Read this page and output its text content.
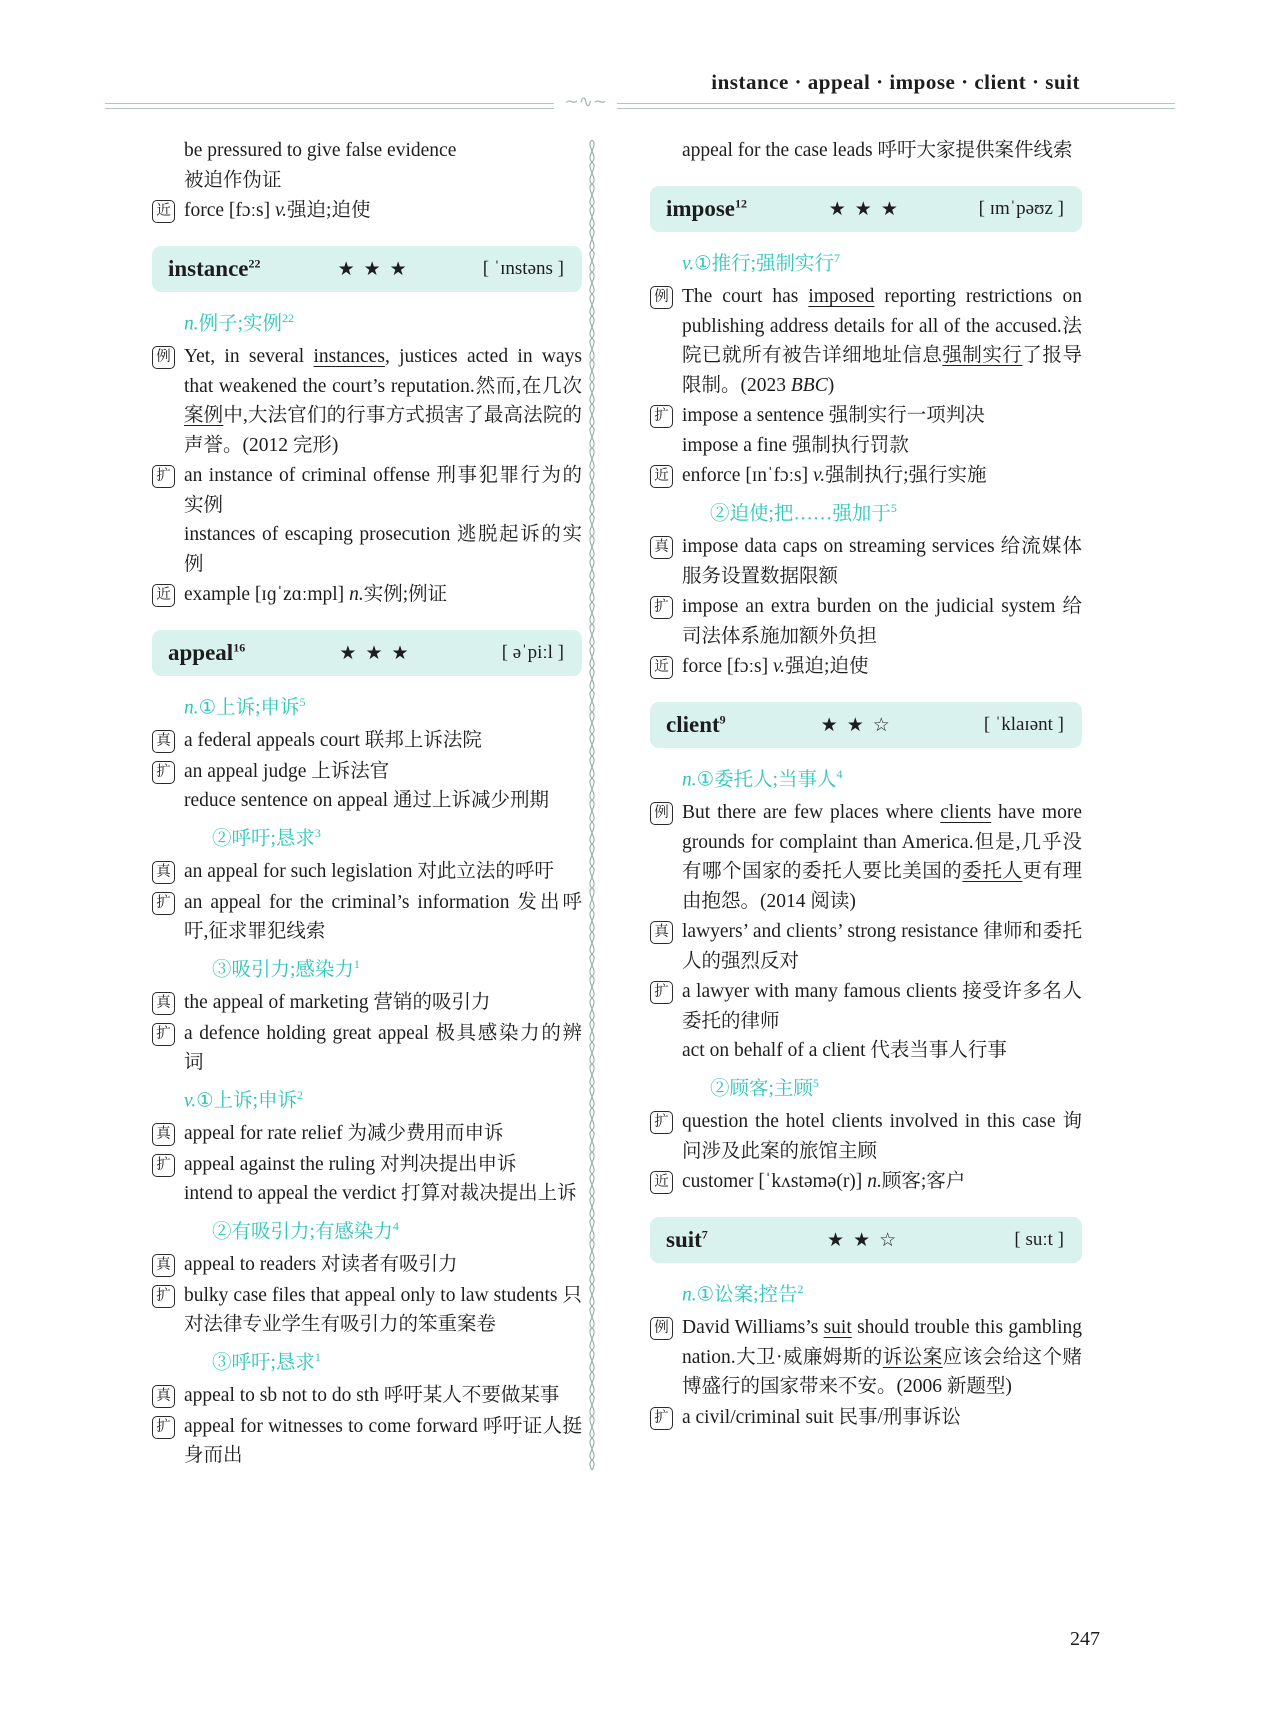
instance · appeal · impose · client · suit
∼∿∼

be pressured to give false evidence

被迫作伪证

近 force [fɔːs] v.强迫;迫使

instance$^{22}$	★★★	[ ˈɪnstəns ]
n.例子;实例$^{22}$
例 Yet, in several instances, justices acted in ways that weakened the court’s reputation.然而,在几次案例中,大法官们的行事方式损害了最高法院的声誉。(2012 完形)

扩 an instance of criminal offense 刑事犯罪行为的实例

instances of escaping prosecution 逃脱起诉的实例

近 example [ɪɡˈzɑːmpl] n.实例;例证

appeal$^{16}$	★★★	[ əˈpiːl ]
n.①上诉;申诉$^5$
真 a federal appeals court 联邦上诉法院

扩 an appeal judge 上诉法官

reduce sentence on appeal 通过上诉减少刑期

②呼吁;恳求$^3$
真 an appeal for such legislation 对此立法的呼吁

扩 an appeal for the criminal’s information 发出呼吁,征求罪犯线索

③吸引力;感染力$^1$
真 the appeal of marketing 营销的吸引力

扩 a defence holding great appeal 极具感染力的辨词

v.①上诉;申诉$^2$
真 appeal for rate relief 为减少费用而申诉

扩 appeal against the ruling 对判决提出申诉

intend to appeal the verdict 打算对裁决提出上诉

②有吸引力;有感染力$^4$
真 appeal to readers 对读者有吸引力

扩 bulky case files that appeal only to law students 只对法律专业学生有吸引力的笨重案卷

③呼吁;恳求$^1$
真 appeal to sb not to do sth 呼吁某人不要做某事

扩 appeal for witnesses to come forward 呼吁证人挺身而出

appeal for the case leads 呼吁大家提供案件线索

impose$^{12}$	★★★	[ ɪmˈpəʊz ]
v.①推行;强制实行$^7$
例 The court has imposed reporting restrictions on publishing address details for all of the accused.法院已就所有被告详细地址信息强制实行了报导限制。(2023 BBC)

扩 impose a sentence 强制实行一项判决

impose a fine 强制执行罚款

近 enforce [ɪnˈfɔːs] v.强制执行;强行实施

②迫使;把……强加于$^5$
真 impose data caps on streaming services 给流媒体服务设置数据限额

扩 impose an extra burden on the judicial system 给司法体系施加额外负担

近 force [fɔːs] v.强迫;迫使

client$^9$	★★☆	[ ˈklaɪənt ]
n.①委托人;当事人$^4$
例 But there are few places where clients have more grounds for complaint than America.但是,几乎没有哪个国家的委托人要比美国的委托人更有理由抱怨。(2014 阅读)

真 lawyers’ and clients’ strong resistance 律师和委托人的强烈反对

扩 a lawyer with many famous clients 接受许多名人委托的律师

act on behalf of a client 代表当事人行事

②顾客;主顾$^5$
扩 question the hotel clients involved in this case 询问涉及此案的旅馆主顾

近 customer [ˈkʌstəmə(r)] n.顾客;客户

suit$^7$	★★☆	[ suːt ]
n.①讼案;控告$^2$
例 David Williams’s suit should trouble this gambling nation.大卫·威廉姆斯的诉讼案应该会给这个赌博盛行的国家带来不安。(2006 新题型)

扩 a civil/criminal suit 民事/刑事诉讼

247
